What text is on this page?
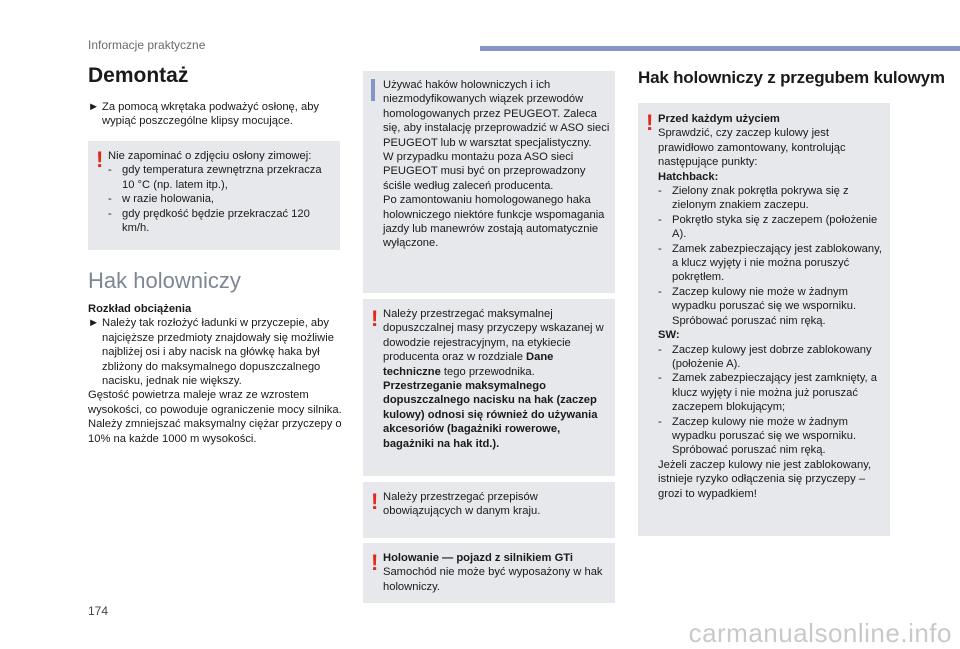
Informacje praktyczne
Demontaż
► Za pomocą wkrętaka podważyć osłonę, aby wypiąć poszczególne klipsy mocujące.
! Nie zapominać o zdjęciu osłony zimowej:
- gdy temperatura zewnętrzna przekracza 10 °C (np. latem itp.),
- w razie holowania,
- gdy prędkość będzie przekraczać 120 km/h.
Hak holowniczy
Rozkład obciążenia
► Należy tak rozłożyć ładunki w przyczepie, aby najcięższe przedmioty znajdowały się możliwie najbliżej osi i aby nacisk na główkę haka był zbliżony do maksymalnego dopuszczalnego nacisku, jednak nie większy.
Gęstość powietrza maleje wraz ze wzrostem wysokości, co powoduje ograniczenie mocy silnika. Należy zmniejszać maksymalny ciężar przyczepy o 10% na każde 1000 m wysokości.
Używać haków holowniczych i ich niezmodyfikowanych wiązek przewodów homologowanych przez PEUGEOT. Zaleca się, aby instalację przeprowadzić w ASO sieci PEUGEOT lub w warsztat specjalistyczny.
W przypadku montażu poza ASO sieci PEUGEOT musi być on przeprowadzony ściśle według zaleceń producenta.
Po zamontowaniu homologowanego haka holowniczego niektóre funkcje wspomagania jazdy lub manewrów zostają automatycznie wyłączone.
! Należy przestrzegać maksymalnej dopuszczalnej masy przyczepy wskazanej w dowodzie rejestracyjnym, na etykiecie producenta oraz w rozdziale Dane techniczne tego przewodnika.
Przestrzeganie maksymalnego dopuszczalnego nacisku na hak (zaczep kulowy) odnosi się również do używania akcesoriów (bagażniki rowerowe, bagażniki na hak itd.).
! Należy przestrzegać przepisów obowiązujących w danym kraju.
! Holowanie — pojazd z silnikiem GTi
Samochód nie może być wyposażony w hak holowniczy.
Hak holowniczy z przegubem kulowym
! Przed każdym użyciem
Sprawdzić, czy zaczep kulowy jest prawidłowo zamontowany, kontrolując następujące punkty:
Hatchback:
- Zielony znak pokrętła pokrywa się z zielonym znakiem zaczepu.
- Pokrętło styka się z zaczepem (położenie A).
- Zamek zabezpieczający jest zablokowany, a klucz wyjęty i nie można poruszyć pokrętłem.
- Zaczep kulowy nie może w żadnym wypadku poruszać się we wsporniku. Spróbować poruszać nim ręką.
SW:
- Zaczep kulowy jest dobrze zablokowany (położenie A).
- Zamek zabezpieczający jest zamknięty, a klucz wyjęty i nie można już poruszać zaczepem blokującym;
- Zaczep kulowy nie może w żadnym wypadku poruszać się we wsporniku. Spróbować poruszać nim ręką.
Jeżeli zaczep kulowy nie jest zablokowany, istnieje ryzyko odłączenia się przyczepy – grozi to wypadkiem!
174
carmanualsonline.info
